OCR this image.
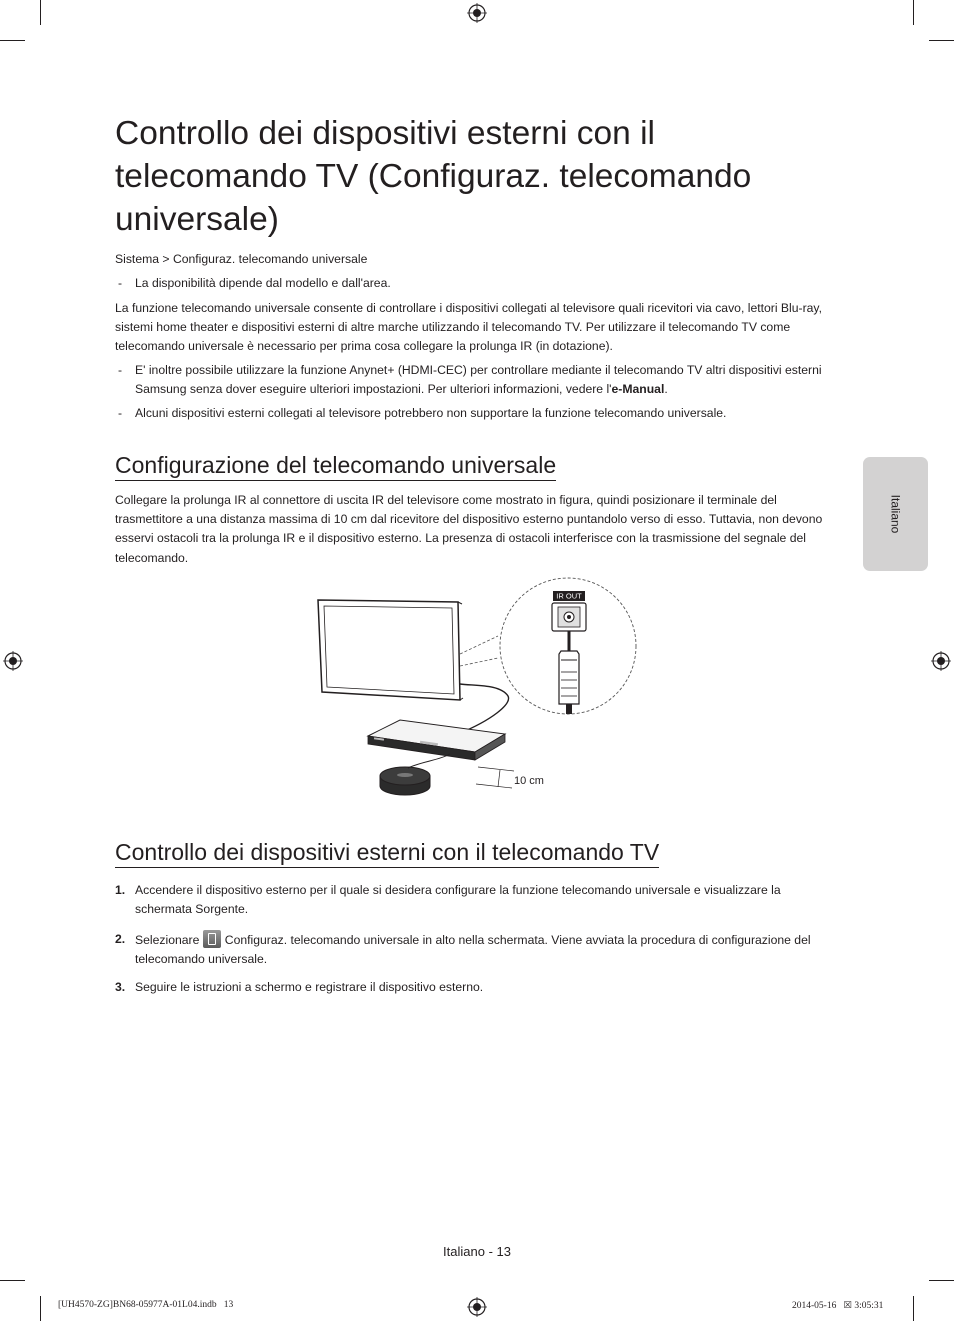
Controllo dei dispositivi esterni con il telecomando TV (Configuraz. telecomando universale)
Sistema > Configuraz. telecomando universale
- La disponibilità dipende dal modello e dall'area.
La funzione telecomando universale consente di controllare i dispositivi collegati al televisore quali ricevitori via cavo, lettori Blu-ray, sistemi home theater e dispositivi esterni di altre marche utilizzando il telecomando TV. Per utilizzare il telecomando TV come telecomando universale è necessario per prima cosa collegare la prolunga IR (in dotazione).
- E' inoltre possibile utilizzare la funzione Anynet+ (HDMI-CEC) per controllare mediante il telecomando TV altri dispositivi esterni Samsung senza dover eseguire ulteriori impostazioni. Per ulteriori informazioni, vedere l'e-Manual.
- Alcuni dispositivi esterni collegati al televisore potrebbero non supportare la funzione telecomando universale.
Configurazione del telecomando universale
Collegare la prolunga IR al connettore di uscita IR del televisore come mostrato in figura, quindi posizionare il terminale del trasmettitore a una distanza massima di 10 cm dal ricevitore del dispositivo esterno puntandolo verso di esso. Tuttavia, non devono esservi ostacoli tra la prolunga IR e il dispositivo esterno. La presenza di ostacoli interferisce con la trasmissione del segnale del telecomando.
IR OUT
10 cm
Controllo dei dispositivi esterni con il telecomando TV
1. Accendere il dispositivo esterno per il quale si desidera configurare la funzione telecomando universale e visualizzare la schermata Sorgente.
2. Selezionare Configuraz. telecomando universale in alto nella schermata. Viene avviata la procedura di configurazione del telecomando universale.
3. Seguire le istruzioni a schermo e registrare il dispositivo esterno.
Italiano
Italiano - 13
[UH4570-ZG]BN68-05977A-01L04.indb   13	2014-05-16   ☒ 3:05:31
